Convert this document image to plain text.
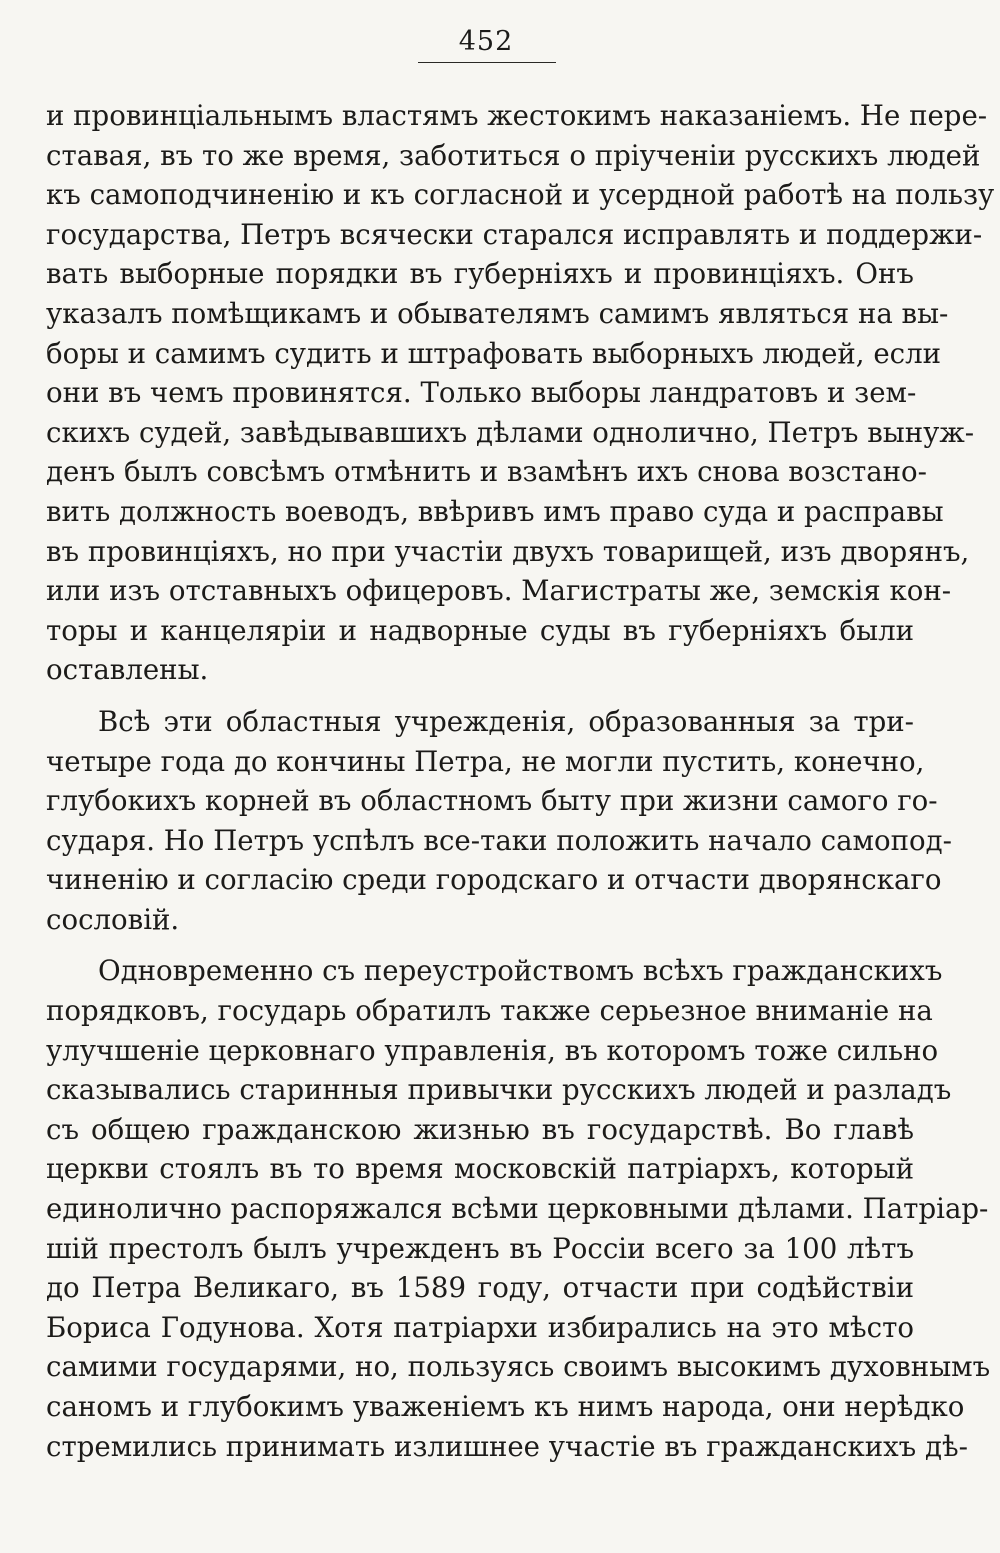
452
и провинціальнымъ властямъ жестокимъ наказаніемъ. Не пере-
ставая, въ то же время, заботиться о пріученіи русскихъ людей
къ самоподчиненію и къ согласной и усердной работѣ на пользу
государства, Петръ всячески старался исправлять и поддержи-
вать выборные порядки въ губерніяхъ и провинціяхъ. Онъ
указалъ помѣщикамъ и обывателямъ самимъ являться на вы-
боры и самимъ судить и штрафовать выборныхъ людей, если
они въ чемъ провинятся. Только выборы ландратовъ и зем-
скихъ судей, завѣдывавшихъ дѣлами однолично, Петръ вынуж-
денъ былъ совсѣмъ отмѣнить и взамѣнъ ихъ снова возстано-
вить должность воеводъ, ввѣривъ имъ право суда и расправы
въ провинціяхъ, но при участіи двухъ товарищей, изъ дворянъ,
или изъ отставныхъ офицеровъ. Магистраты же, земскія кон-
торы и канцеляріи и надворные суды въ губерніяхъ были
оставлены.
Всѣ эти областныя учрежденія, образованныя за три-
четыре года до кончины Петра, не могли пустить, конечно,
глубокихъ корней въ областномъ быту при жизни самого го-
сударя. Но Петръ успѣлъ все-таки положить начало самопод-
чиненію и согласію среди городскаго и отчасти дворянскаго
сословій.
Одновременно съ переустройствомъ всѣхъ гражданскихъ
порядковъ, государь обратилъ также серьезное вниманіе на
улучшеніе церковнаго управленія, въ которомъ тоже сильно
сказывались старинныя привычки русскихъ людей и разладъ
съ общею гражданскою жизнью въ государствѣ. Во главѣ
церкви стоялъ въ то время московскій патріархъ, который
единолично распоряжался всѣми церковными дѣлами. Патріар-
шій престолъ былъ учрежденъ въ Россіи всего за 100 лѣтъ
до Петра Великаго, въ 1589 году, отчасти при содѣйствіи
Бориса Годунова. Хотя патріархи избирались на это мѣсто
самими государями, но, пользуясь своимъ высокимъ духовнымъ
саномъ и глубокимъ уваженіемъ къ нимъ народа, они нерѣдко
стремились принимать излишнее участіе въ гражданскихъ дѣ-
